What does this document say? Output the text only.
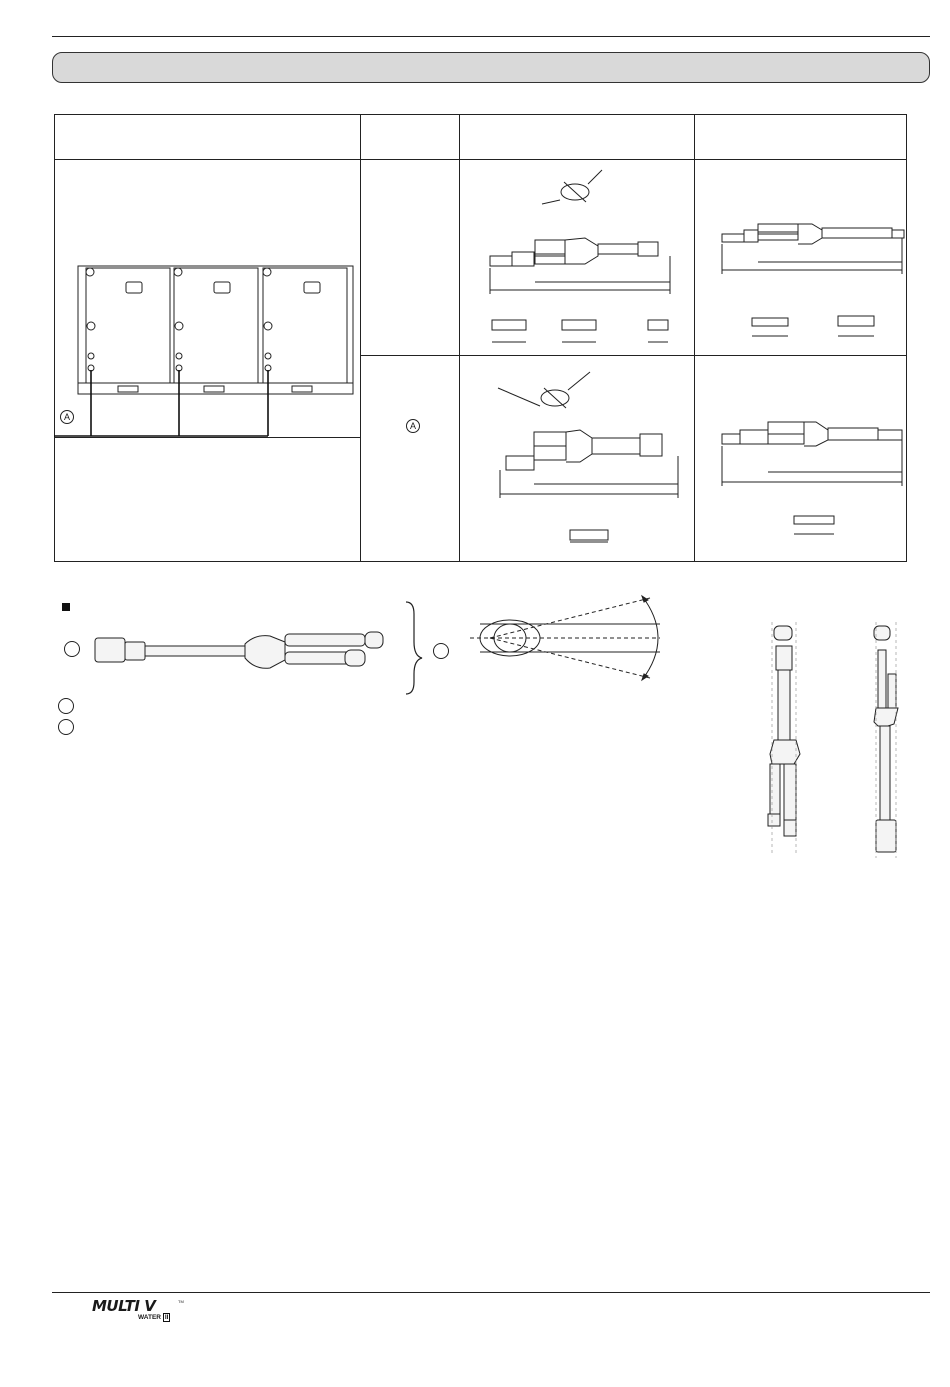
A
A
MULTI V	TM
WATER II
